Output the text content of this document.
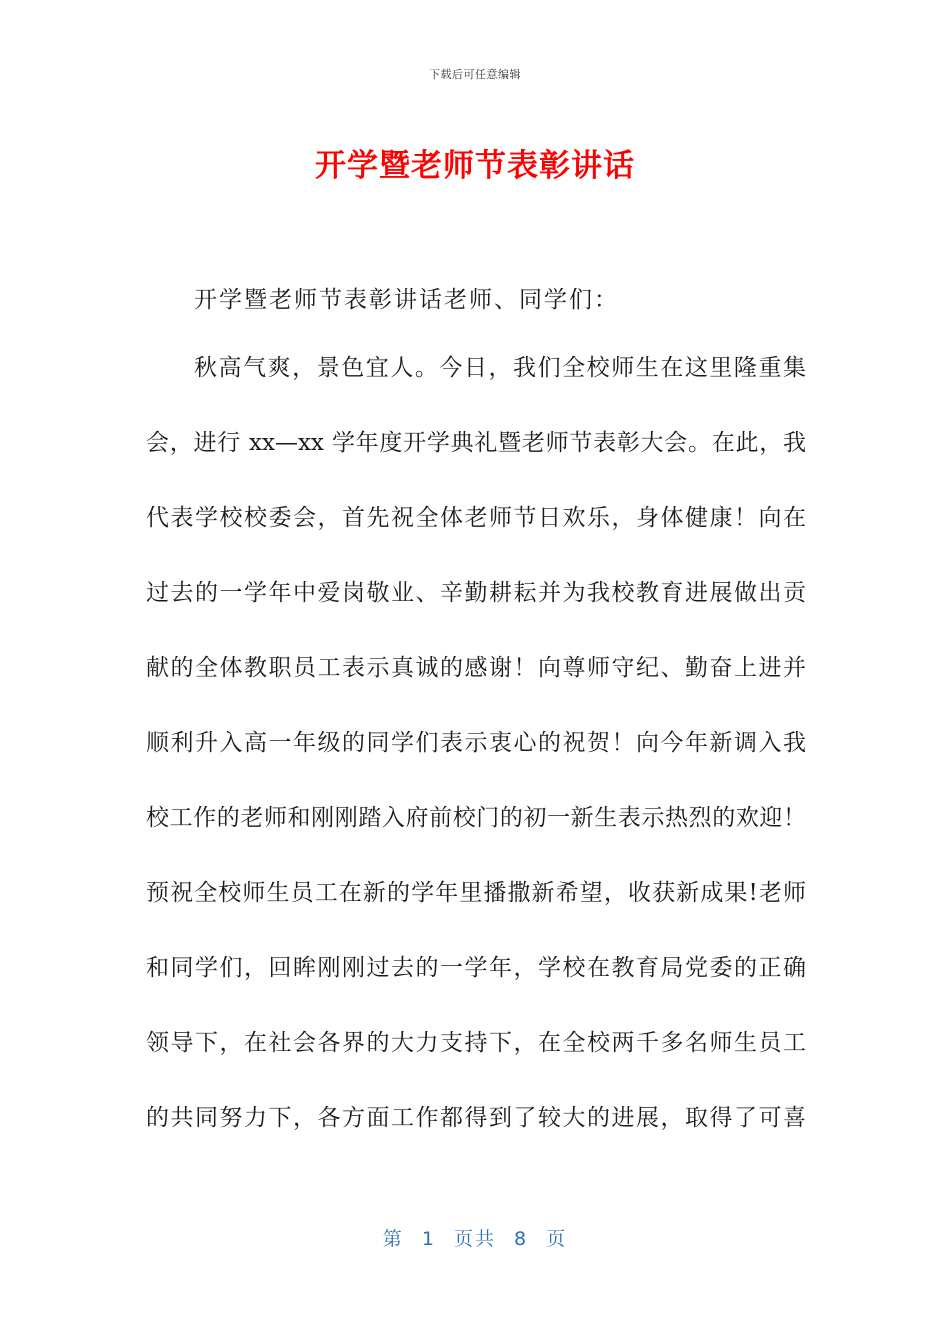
下载后可任意编辑
开学暨老师节表彰讲话
开学暨老师节表彰讲话老师、同学们：
秋高气爽，景色宜人。今日，我们全校师生在这里隆重集
会，进行 xx—xx 学年度开学典礼暨老师节表彰大会。在此，我
代表学校校委会，首先祝全体老师节日欢乐，身体健康！向在
过去的一学年中爱岗敬业、辛勤耕耘并为我校教育进展做出贡
献的全体教职员工表示真诚的感谢！向尊师守纪、勤奋上进并
顺利升入高一年级的同学们表示衷心的祝贺！向今年新调入我
校工作的老师和刚刚踏入府前校门的初一新生表示热烈的欢迎！
预祝全校师生员工在新的学年里播撒新希望，收获新成果!老师
和同学们，回眸刚刚过去的一学年，学校在教育局党委的正确
领导下，在社会各界的大力支持下，在全校两千多名师生员工
的共同努力下，各方面工作都得到了较大的进展，取得了可喜
第 1 页共 8 页
